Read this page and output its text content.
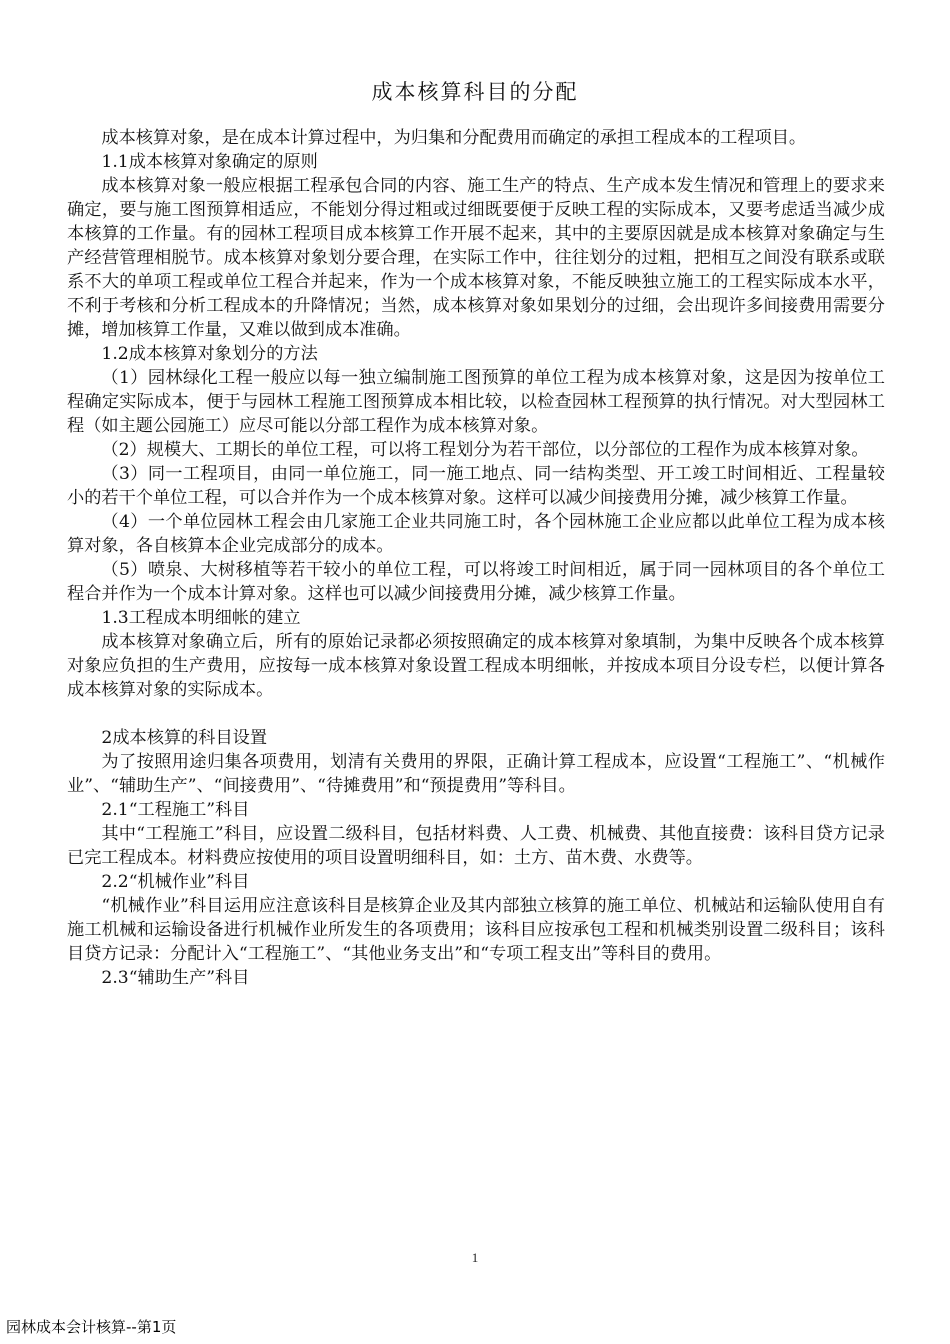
成本核算科目的分配

成本核算对象，是在成本计算过程中，为归集和分配费用而确定的承担工程成本的工程项目。

1.1成本核算对象确定的原则

成本核算对象一般应根据工程承包合同的内容、施工生产的特点、生产成本发生情况和管理上的要求来确定，要与施工图预算相适应，不能划分得过粗或过细既要便于反映工程的实际成本，又要考虑适当减少成本核算的工作量。有的园林工程项目成本核算工作开展不起来，其中的主要原因就是成本核算对象确定与生产经营管理相脱节。成本核算对象划分要合理，在实际工作中，往往划分的过粗，把相互之间没有联系或联系不大的单项工程或单位工程合并起来，作为一个成本核算对象，不能反映独立施工的工程实际成本水平，不利于考核和分析工程成本的升降情况；当然，成本核算对象如果划分的过细，会出现许多间接费用需要分摊，增加核算工作量，又难以做到成本准确。

1.2成本核算对象划分的方法

（1）园林绿化工程一般应以每一独立编制施工图预算的单位工程为成本核算对象，这是因为按单位工程确定实际成本，便于与园林工程施工图预算成本相比较，以检查园林工程预算的执行情况。对大型园林工程（如主题公园施工）应尽可能以分部工程作为成本核算对象。

（2）规模大、工期长的单位工程，可以将工程划分为若干部位，以分部位的工程作为成本核算对象。

（3）同一工程项目，由同一单位施工，同一施工地点、同一结构类型、开工竣工时间相近、工程量较小的若干个单位工程，可以合并作为一个成本核算对象。这样可以减少间接费用分摊，减少核算工作量。

（4）一个单位园林工程会由几家施工企业共同施工时，各个园林施工企业应都以此单位工程为成本核算对象，各自核算本企业完成部分的成本。

（5）喷泉、大树移植等若干较小的单位工程，可以将竣工时间相近，属于同一园林项目的各个单位工程合并作为一个成本计算对象。这样也可以减少间接费用分摊，减少核算工作量。

1.3工程成本明细帐的建立

成本核算对象确立后，所有的原始记录都必须按照确定的成本核算对象填制，为集中反映各个成本核算对象应负担的生产费用，应按每一成本核算对象设置工程成本明细帐，并按成本项目分设专栏，以便计算各成本核算对象的实际成本。

2成本核算的科目设置

为了按照用途归集各项费用，划清有关费用的界限，正确计算工程成本，应设置“工程施工”、“机械作业”、“辅助生产”、“间接费用”、“待摊费用”和“预提费用”等科目。

2.1“工程施工”科目

其中“工程施工”科目，应设置二级科目，包括材料费、人工费、机械费、其他直接费：该科目贷方记录已完工程成本。材料费应按使用的项目设置明细科目，如：土方、苗木费、水费等。

2.2“机械作业”科目

“机械作业”科目运用应注意该科目是核算企业及其内部独立核算的施工单位、机械站和运输队使用自有施工机械和运输设备进行机械作业所发生的各项费用；该科目应按承包工程和机械类别设置二级科目；该科目贷方记录：分配计入“工程施工”、“其他业务支出”和“专项工程支出”等科目的费用。

2.3“辅助生产”科目

1
园林成本会计核算--第1页
